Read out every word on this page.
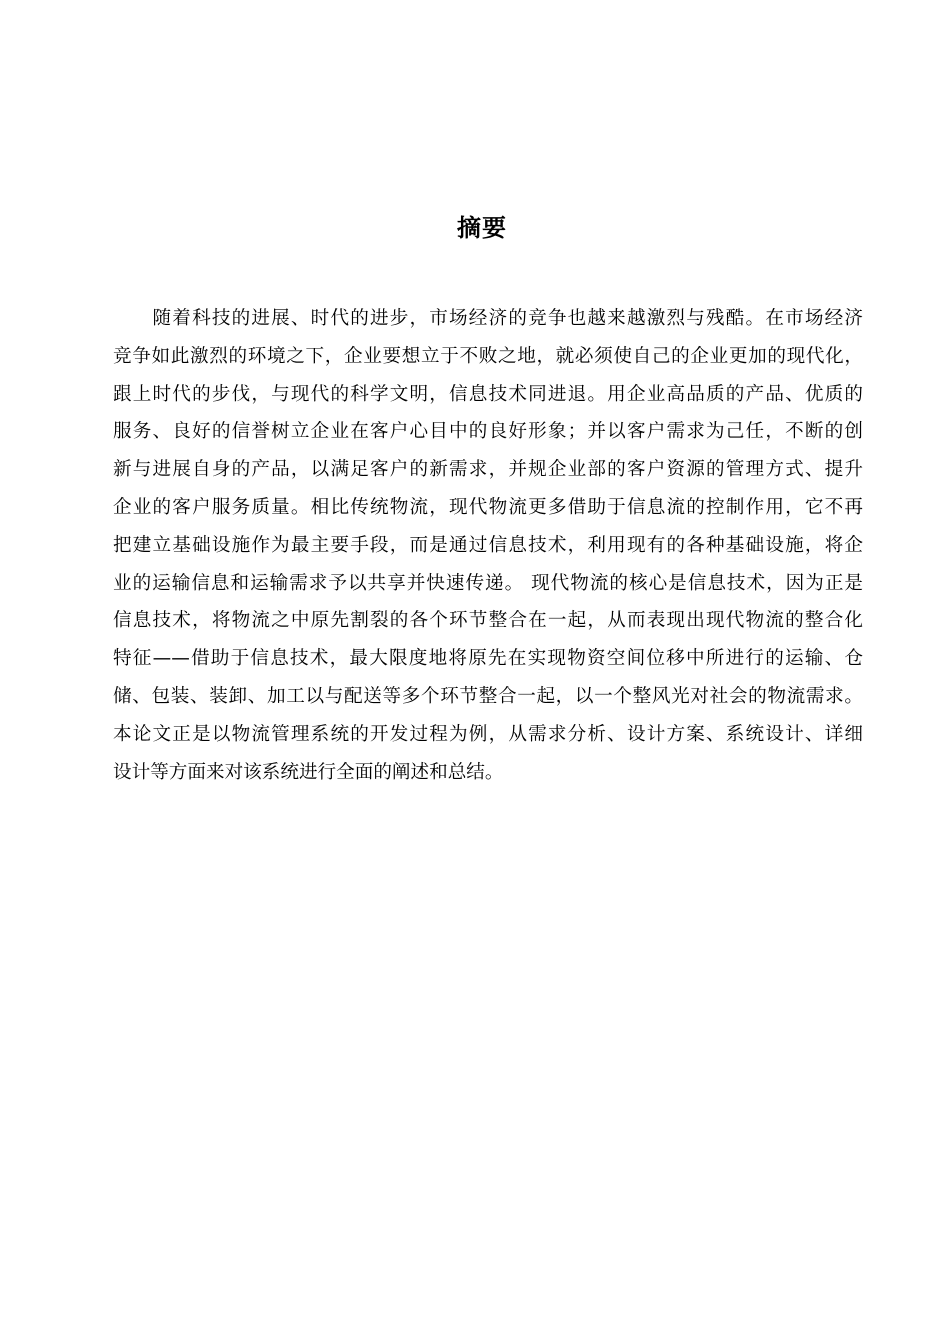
摘要
　　随着科技的进展、时代的进步，市场经济的竞争也越来越激烈与残酷。在市场经济
竞争如此激烈的环境之下，企业要想立于不败之地，就必须使自己的企业更加的现代化，
跟上时代的步伐，与现代的科学文明，信息技术同进退。用企业高品质的产品、优质的
服务、良好的信誉树立企业在客户心目中的良好形象；并以客户需求为己任，不断的创
新与进展自身的产品，以满足客户的新需求，并规企业部的客户资源的管理方式、提升
企业的客户服务质量。相比传统物流，现代物流更多借助于信息流的控制作用，它不再
把建立基础设施作为最主要手段，而是通过信息技术，利用现有的各种基础设施，将企
业的运输信息和运输需求予以共享并快速传递。 现代物流的核心是信息技术，因为正是
信息技术，将物流之中原先割裂的各个环节整合在一起，从而表现出现代物流的整合化
特征——借助于信息技术，最大限度地将原先在实现物资空间位移中所进行的运输、仓
储、包装、装卸、加工以与配送等多个环节整合一起，以一个整风光对社会的物流需求。
本论文正是以物流管理系统的开发过程为例，从需求分析、设计方案、系统设计、详细
设计等方面来对该系统进行全面的阐述和总结。
